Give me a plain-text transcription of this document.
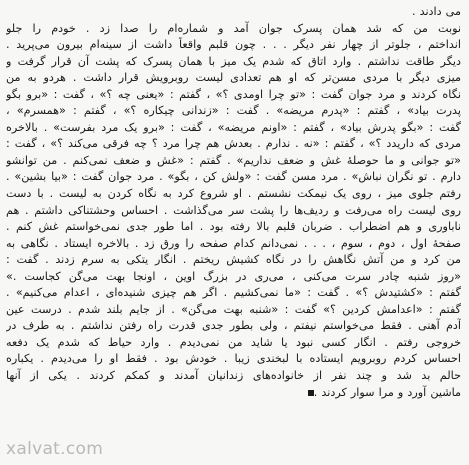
می دادند .
نوبت من که شد همان پسرک جوان آمد و شماره‌ام را صدا زد . خودم را جلو
انداختم ، جلوتر از چهار نفر دیگر . . . چون قلبم واقعاً داشت از سینه‌ام بیرون می‌پرید .
دیگر طاقت نداشتم . وارد اتاق که شدم یک میز با همان پسرک که پشت آن قرار گرفت و
میزی دیگر با مردی مسن‌تر که او هم تعدادی لیست روبرویش قرار داشت . هردو به من
نگاه کردند و مرد جوان گفت : «تو چرا اومدی ؟» ، گفتم : «یعنی چه ؟» ، گفت : «برو بگو
پدرت بیاد» ، گفتم : «پدرم مریضه» . گفت : «زندانی چیکاره ؟» ، گفتم : «همسرم» ،
گفت : «بگو پدرش بیاد» ، گفتم : «اونم مریضه» ، گفت : «برو یک مرد بفرست» . بالاخره
مردی که داریدد ؟» ، گفتم : «نه . ندارم . بعدش هم چرا مرد ؟ چه فرقی می‌کند ؟» ، گفت :
«تو جوانی و ما حوصلهٔ غش و ضعف نداریم» . گفتم : «غش و ضعف نمی‌کنم . من توانشو
دارم . تو نگران نباش» . مرد مسن گفت : «ولش کن ، بگو» . مرد جوان گفت : «بیا بشین» .
رفتم جلوی میز ، روی یک نیمکت نشستم . او شروع کرد به نگاه کردن به لیست . با دست
روی لیست راه می‌رفت و ردیف‌ها را پشت سر می‌گذاشت . احساس وحشتناکی داشتم . هم
ناباوری و هم اضطراب . ضربان قلبم بالا رفته بود . اما طور جدی نمی‌خواستم غش کنم .
صفحهٔ اول ، دوم ، سوم ، . . . نمی‌دانم کدام صفحه را ورق زد . بالاخره ایستاد . نگاهی به
من کرد و من آتش نگاهش را در نگاه کشیش ریختم . انگار یتکی به سرم زدند . گفت :
«روز شنبه چادر سرت می‌کنی ، می‌ری در بزرگ اوین ، اونجا بهت می‌گن کجاست .»
گفتم : «کشتیدش ؟» . گفت : «ما نمی‌کشیم . اگر هم چیزی شنیده‌ای ، اعدام می‌کنیم» .
گفتم : «اعدامش کردین ؟» گفت : «شنبه بهت می‌گن» . از جایم بلند شدم . درست عین
آدم آهنی . فقط می‌خواستم نیفتم ، ولی بطور جدی قدرت راه رفتن نداشتم . به طرف در
خروجی رفتم . انگار کسی نبود یا شاید من نمی‌دیدم . وارد حیاط که شدم یک دفعه
احساس کردم روبرویم ایستاده با لبخندی زیبا . خودش بود . فقط او را می‌دیدم . یکباره
حالم بد شد و چند نفر از خانواده‌های زندانیان آمدند و کمکم کردند . یکی از آنها
ماشین آورد و مرا سوار کردند .
xalvat.com
